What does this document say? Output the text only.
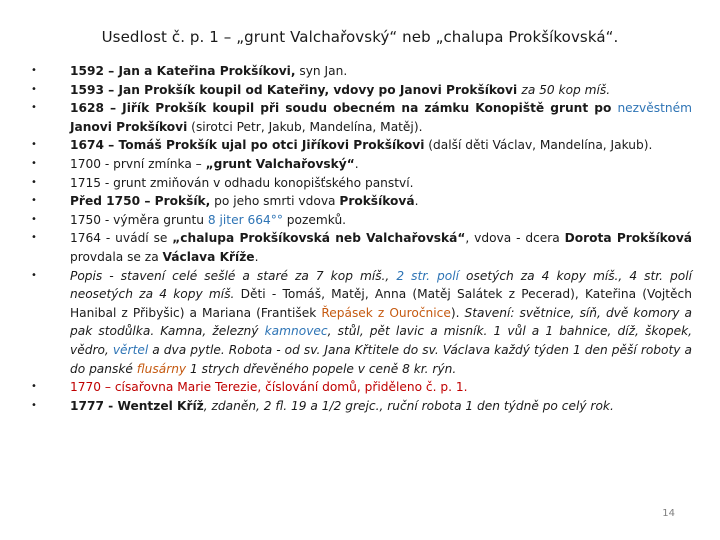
Usedlost č. p. 1 – „grunt Valchařovský“ neb „chalupa Prokšíkovská“.
•	1592 – Jan a Kateřina Prokšíkovi, syn Jan.
•	1593 – Jan Prokšík koupil od Kateřiny, vdovy po Janovi Prokšíkovi za 50 kop míš.
•	1628 – Jiřík Prokšík koupil při soudu obecném na zámku Konopiště grunt po nezvěstném Janovi Prokšíkovi (sirotci Petr, Jakub, Mandelína, Matěj).
•	1674 – Tomáš Prokšík ujal po otci Jiříkovi Prokšíkovi (další děti Václav, Mandelína, Jakub).
•	1700 - první zmínka – „grunt Valchařovský“.
•	1715 - grunt zmiňován v odhadu konopišťského panství.
•	Před 1750 – Prokšík, po jeho smrti vdova Prokšíková.
•	1750 - výměra gruntu 8 jiter 664°° pozemků.
•	1764 - uvádí se „chalupa Prokšíkovská neb Valchařovská“, vdova - dcera Dorota Prokšíková provdala se za Václava Kříže.
•	Popis - stavení celé sešlé a staré za 7 kop míš., 2 str. polí osetých za 4 kopy míš., 4 str. polí neosetých za 4 kopy míš. Děti - Tomáš, Matěj, Anna (Matěj Salátek z Pecerad), Kateřina (Vojtěch Hanibal z Přibyšic) a Mariana (František Řepásek z Ouročnice). Stavení: světnice, síň, dvě komory a pak stodůlka. Kamna, železný kamnovec, stůl, pět lavic a misník. 1 vůl a 1 bahnice, díž, škopek, vědro, věrtel a dva pytle. Robota - od sv. Jana Křtitele do sv. Václava každý týden 1 den pěší roboty a do panské flusárny 1 strych dřevěného popele v ceně 8 kr. rýn.
•	1770 – císařovna Marie Terezie, číslování domů, přiděleno č. p. 1.
•	1777 - Wentzel Kříž, zdaněn, 2 fl. 19 a 1/2 grejc., ruční robota 1 den týdně po celý rok.
14
